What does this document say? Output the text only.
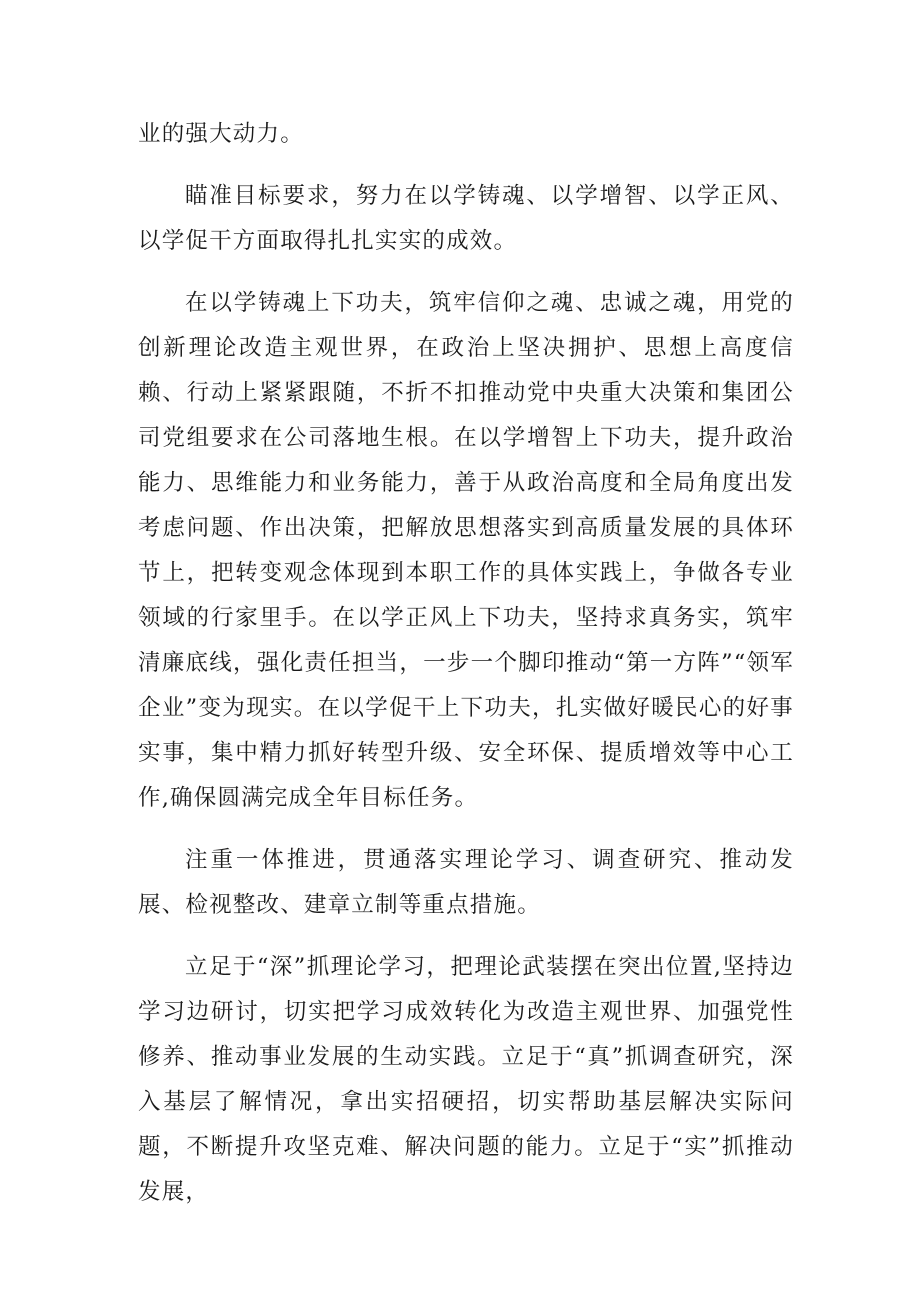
业的强大动力。

瞄准目标要求，努力在以学铸魂、以学增智、以学正风、以学促干方面取得扎扎实实的成效。

在以学铸魂上下功夫，筑牢信仰之魂、忠诚之魂，用党的创新理论改造主观世界，在政治上坚决拥护、思想上高度信赖、行动上紧紧跟随，不折不扣推动党中央重大决策和集团公司党组要求在公司落地生根。在以学增智上下功夫，提升政治能力、思维能力和业务能力，善于从政治高度和全局角度出发考虑问题、作出决策，把解放思想落实到高质量发展的具体环节上，把转变观念体现到本职工作的具体实践上，争做各专业领域的行家里手。在以学正风上下功夫，坚持求真务实，筑牢清廉底线，强化责任担当，一步一个脚印推动“第一方阵”“领军企业”变为现实。在以学促干上下功夫，扎实做好暖民心的好事实事，集中精力抓好转型升级、安全环保、提质增效等中心工作,确保圆满完成全年目标任务。

注重一体推进，贯通落实理论学习、调查研究、推动发展、检视整改、建章立制等重点措施。

立足于“深”抓理论学习，把理论武装摆在突出位置,坚持边学习边研讨，切实把学习成效转化为改造主观世界、加强党性修养、推动事业发展的生动实践。立足于“真”抓调查研究，深入基层了解情况，拿出实招硬招，切实帮助基层解决实际问题，不断提升攻坚克难、解决问题的能力。立足于“实”抓推动发展，
